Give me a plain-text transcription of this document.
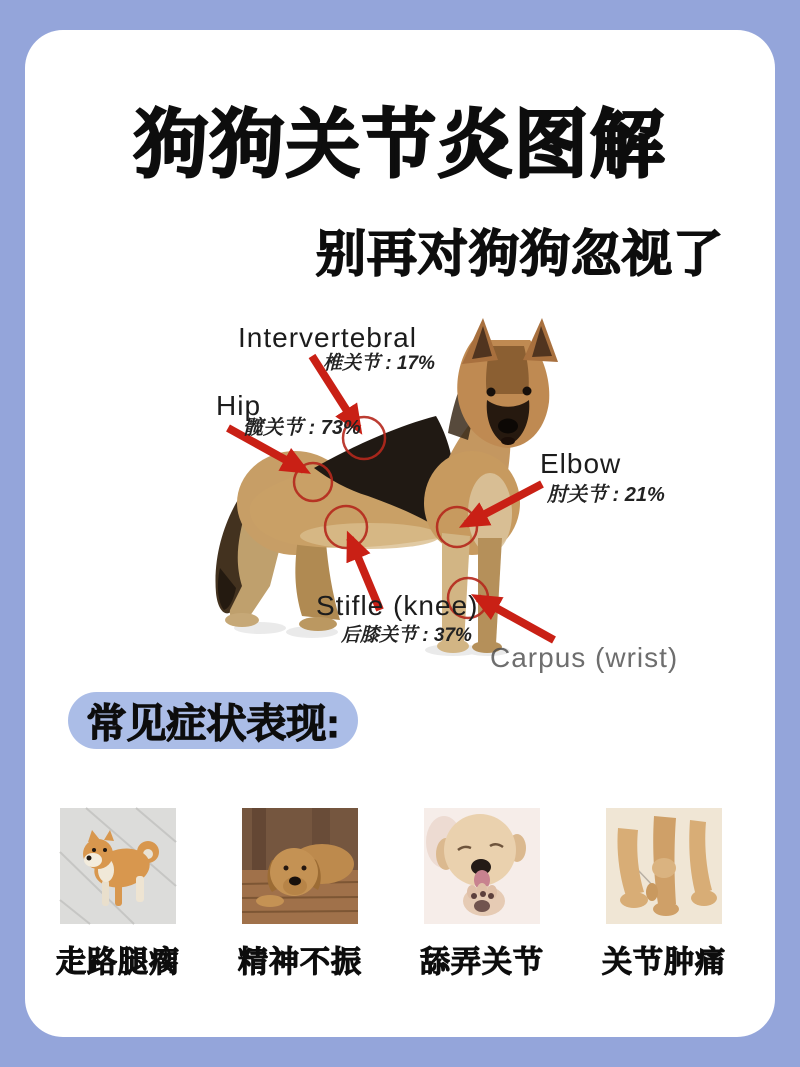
狗狗关节炎图解
别再对狗狗忽视了
Intervertebral
椎关节 : 17%
Hip
髋关节 : 73%
Elbow
肘关节 : 21%
Stifle (knee)
后膝关节 : 37%
Carpus (wrist)
常见症状表现:
走路腿瘸 精神不振 舔弄关节 关节肿痛
